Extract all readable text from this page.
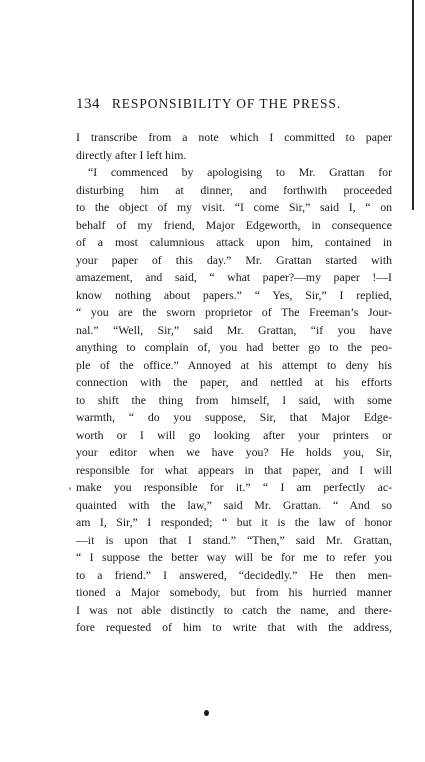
134 RESPONSIBILITY OF THE PRESS.
'
I transcribe from a note which I committed to paper
directly after I left him.
“I commenced by apologising to Mr. Grattan for
disturbing him at dinner, and forthwith proceeded
to the object of my visit. “I come Sir,” said I, “ on
behalf of my friend, Major Edgeworth, in consequence
of a most calumnious attack upon him, contained in
your paper of this day.” Mr. Grattan started with
amazement, and said, “ what paper?—my paper !—I
know nothing about papers.” “ Yes, Sir,” I replied,
“ you are the sworn proprietor of The Freeman’s Jour-
nal.” “Well, Sir,” said Mr. Grattan, “if you have
anything to complain of, you had better go to the peo-
ple of the office.” Annoyed at his attempt to deny his
connection with the paper, and nettled at his efforts
to shift the thing from himself, I said, with some
warmth, “ do you suppose, Sir, that Major Edge-
worth or I will go looking after your printers or
your editor when we have you? He holds you, Sir,
responsible for what appears in that paper, and I will
make you responsible for it.” “ I am perfectly ac-
quainted with the law,” said Mr. Grattan. “ And so
am I, Sir,” I responded; “ but it is the law of honor
—it is upon that I stand.” “Then,” said Mr. Grattan,
“ I suppose the better way will be for me to refer you
to a friend.” I answered, “decidedly.” He then men-
tioned a Major somebody, but from his hurried manner
I was not able distinctly to catch the name, and there-
fore requested of him to write that with the address,
